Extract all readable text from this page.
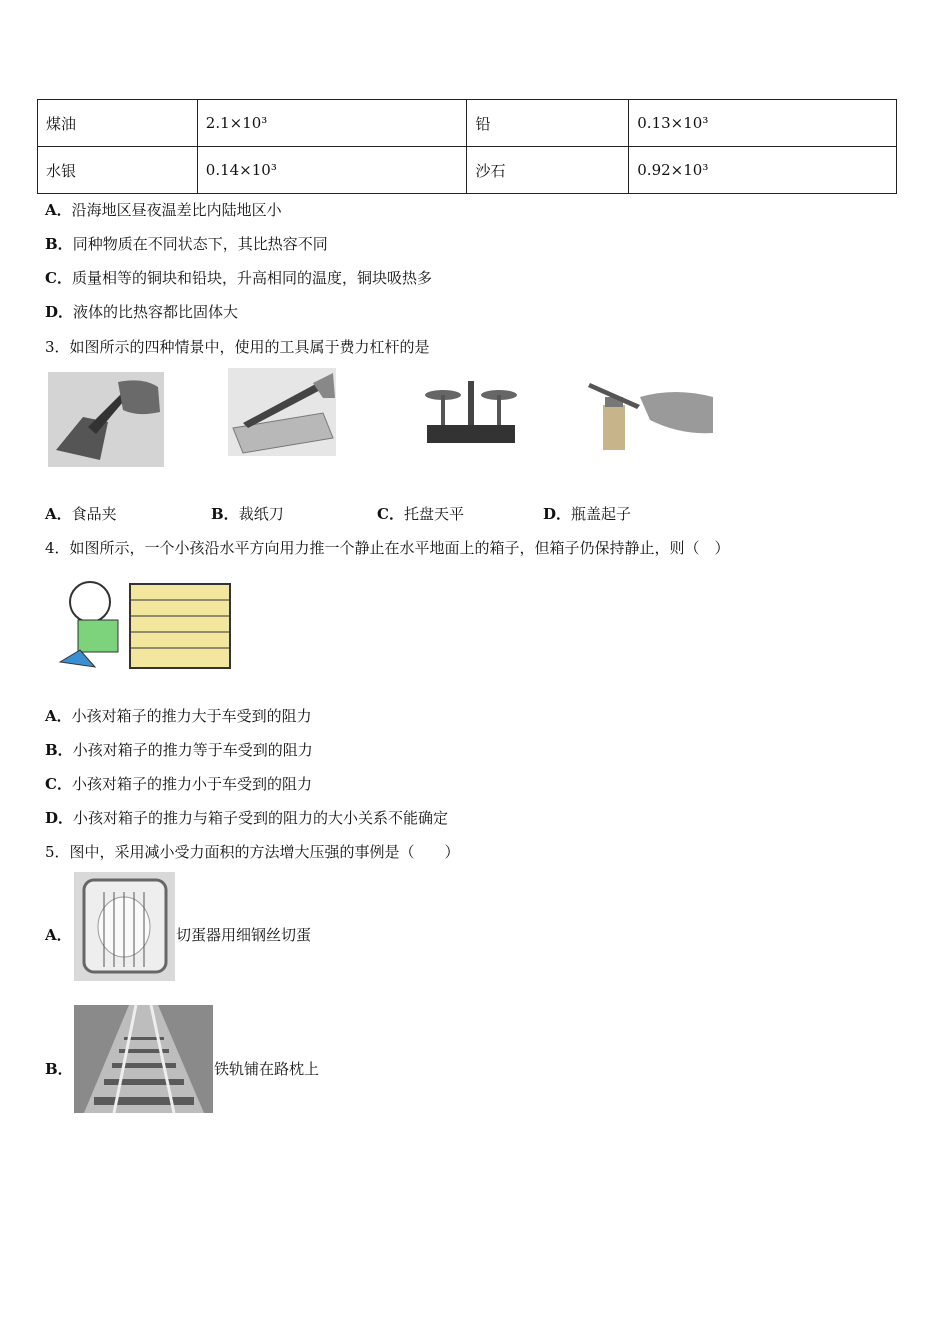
煤油	2.1×10³	铅	0.13×10³
水银	0.14×10³	沙石	0.92×10³
A．沿海地区昼夜温差比内陆地区小
B．同种物质在不同状态下，其比热容不同
C．质量相等的铜块和铅块，升高相同的温度，铜块吸热多
D．液体的比热容都比固体大
3．如图所示的四种情景中，使用的工具属于费力杠杆的是
A．食品夹	B．裁纸刀	C．托盘天平	D．瓶盖起子
4．如图所示，一个小孩沿水平方向用力推一个静止在水平地面上的箱子，但箱子仍保持静止，则（　）
A．小孩对箱子的推力大于车受到的阻力
B．小孩对箱子的推力等于车受到的阻力
C．小孩对箱子的推力小于车受到的阻力
D．小孩对箱子的推力与箱子受到的阻力的大小关系不能确定
5．图中，采用减小受力面积的方法增大压强的事例是（　　）
A．	切蛋器用细钢丝切蛋
B．	铁轨铺在路枕上
